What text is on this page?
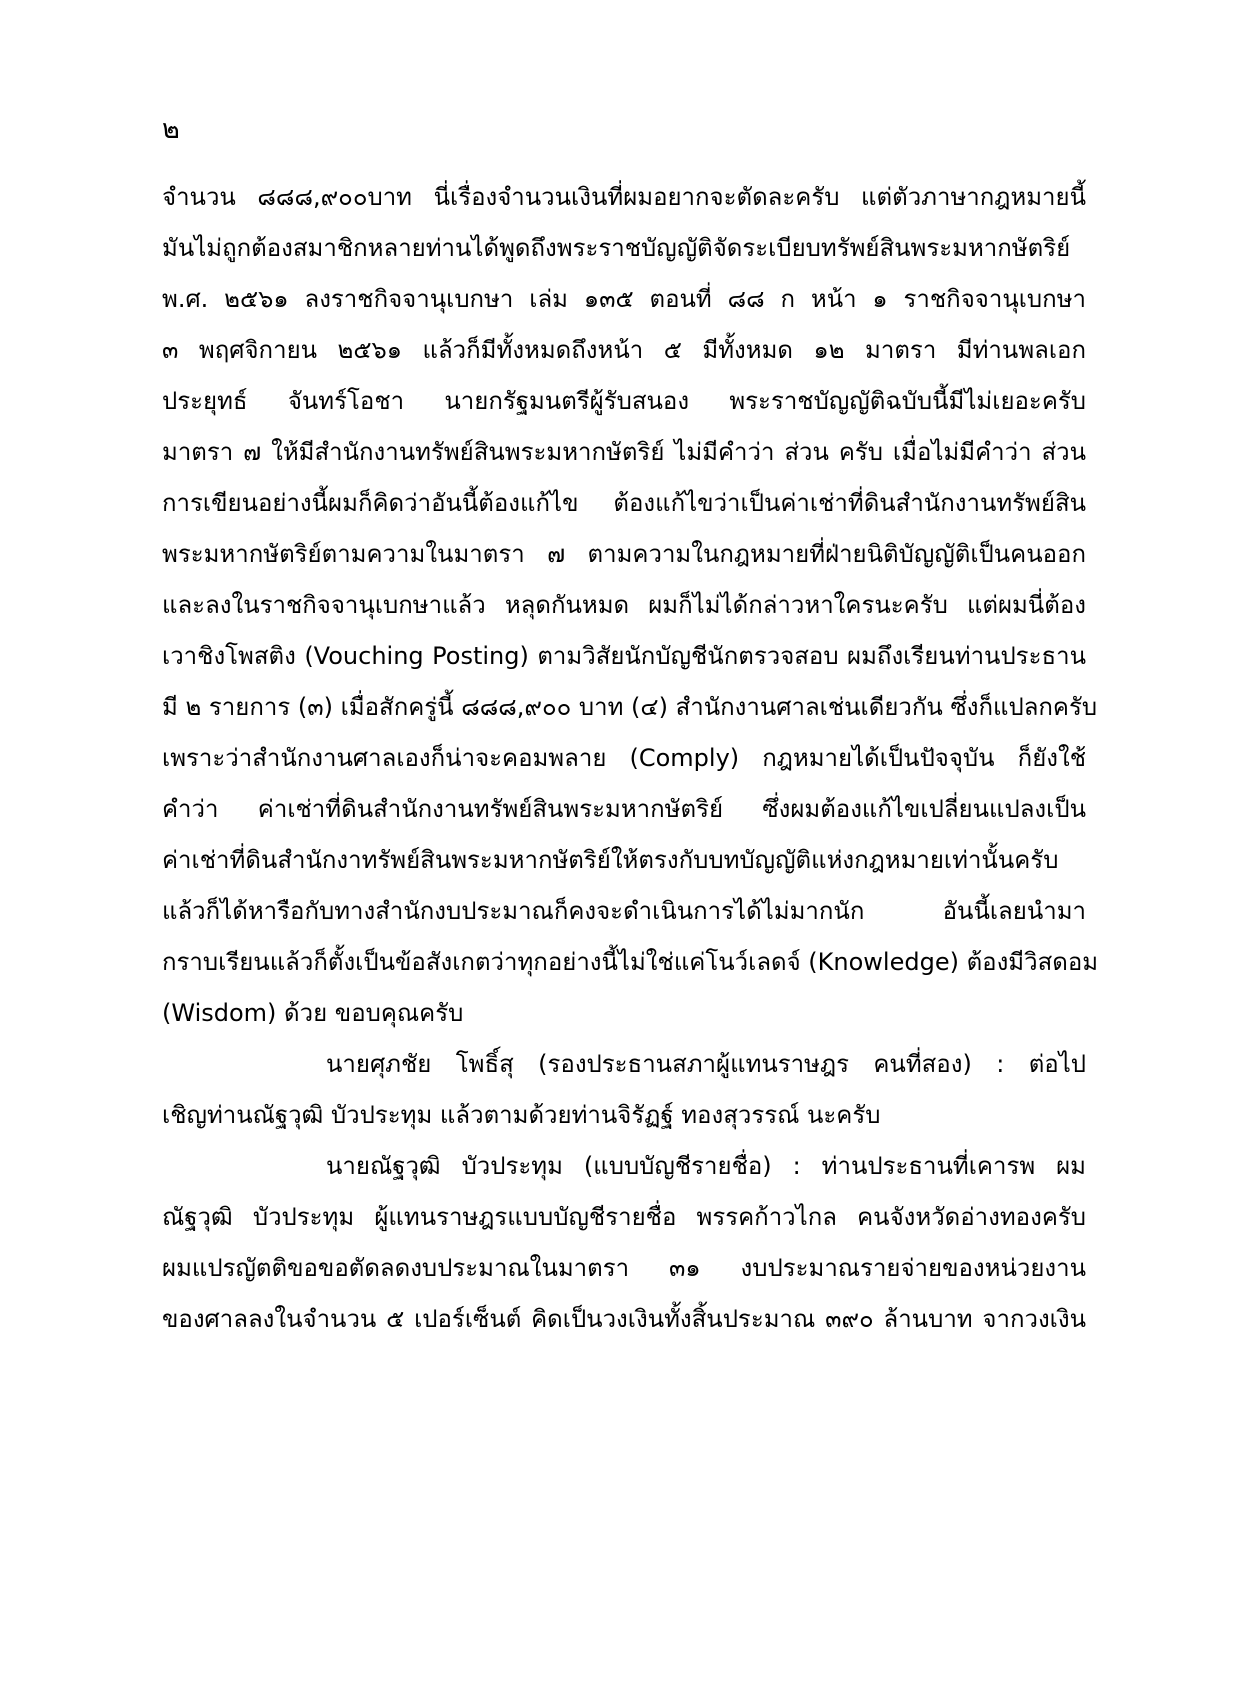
๒
จำนวน ๘๘๘,๙๐๐บาท นี่เรื่องจำนวนเงินที่ผมอยากจะตัดละครับ แต่ตัวภาษากฎหมายนี้
มันไม่ถูกต้องสมาชิกหลายท่านได้พูดถึงพระราชบัญญัติจัดระเบียบทรัพย์สินพระมหากษัตริย์
พ.ศ. ๒๕๖๑ ลงราชกิจจานุเบกษา เล่ม ๑๓๕ ตอนที่ ๘๘ ก หน้า ๑ ราชกิจจานุเบกษา
๓ พฤศจิกายน ๒๕๖๑ แล้วก็มีทั้งหมดถึงหน้า ๕ มีทั้งหมด ๑๒ มาตรา มีท่านพลเอก
ประยุทธ์ จันทร์โอชา นายกรัฐมนตรีผู้รับสนอง พระราชบัญญัติฉบับนี้มีไม่เยอะครับ
มาตรา ๗ ให้มีสำนักงานทรัพย์สินพระมหากษัตริย์ ไม่มีคำว่า ส่วน ครับ เมื่อไม่มีคำว่า ส่วน
การเขียนอย่างนี้ผมก็คิดว่าอันนี้ต้องแก้ไข ต้องแก้ไขว่าเป็นค่าเช่าที่ดินสำนักงานทรัพย์สิน
พระมหากษัตริย์ตามความในมาตรา ๗ ตามความในกฎหมายที่ฝ่ายนิติบัญญัติเป็นคนออก
และลงในราชกิจจานุเบกษาแล้ว หลุดกันหมด ผมก็ไม่ได้กล่าวหาใครนะครับ แต่ผมนี่ต้อง
เวาชิงโพสติง (Vouching Posting) ตามวิสัยนักบัญชีนักตรวจสอบ ผมถึงเรียนท่านประธาน
มี ๒ รายการ (๓) เมื่อสักครู่นี้ ๘๘๘,๙๐๐ บาท (๔) สำนักงานศาลเช่นเดียวกัน ซึ่งก็แปลกครับ
เพราะว่าสำนักงานศาลเองก็น่าจะคอมพลาย (Comply) กฎหมายได้เป็นปัจจุบัน ก็ยังใช้
คำว่า ค่าเช่าที่ดินสำนักงานทรัพย์สินพระมหากษัตริย์ ซึ่งผมต้องแก้ไขเปลี่ยนแปลงเป็น
ค่าเช่าที่ดินสำนักงาทรัพย์สินพระมหากษัตริย์ให้ตรงกับบทบัญญัติแห่งกฎหมายเท่านั้นครับ
แล้วก็ได้หารือกับทางสำนักงบประมาณก็คงจะดำเนินการได้ไม่มากนัก อันนี้เลยนำมา
กราบเรียนแล้วก็ตั้งเป็นข้อสังเกตว่าทุกอย่างนี้ไม่ใช่แค่โนว์เลดจ์ (Knowledge) ต้องมีวิสดอม
(Wisdom) ด้วย ขอบคุณครับ
นายศุภชัย โพธิ์สุ (รองประธานสภาผู้แทนราษฎร คนที่สอง) : ต่อไป
เชิญท่านณัฐวุฒิ บัวประทุม แล้วตามด้วยท่านจิรัฏฐ์ ทองสุวรรณ์ นะครับ
นายณัฐวุฒิ บัวประทุม (แบบบัญชีรายชื่อ) : ท่านประธานที่เคารพ ผม
ณัฐวุฒิ บัวประทุม ผู้แทนราษฎรแบบบัญชีรายชื่อ พรรคก้าวไกล คนจังหวัดอ่างทองครับ
ผมแปรญัตติขอขอตัดลดงบประมาณในมาตรา ๓๑ งบประมาณรายจ่ายของหน่วยงาน
ของศาลลงในจำนวน ๕ เปอร์เซ็นต์ คิดเป็นวงเงินทั้งสิ้นประมาณ ๓๙๐ ล้านบาท จากวงเงิน
